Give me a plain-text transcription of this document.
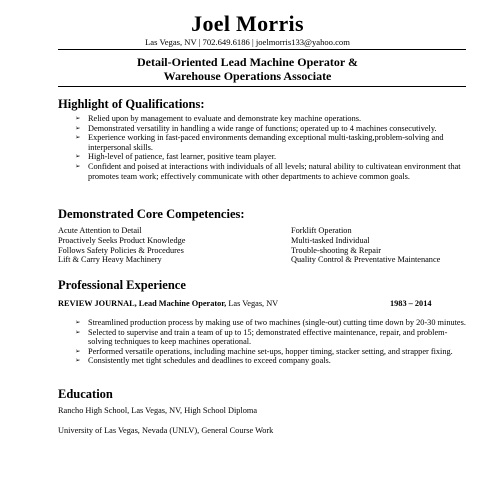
Joel Morris
Las Vegas, NV | 702.649.6186 | joelmorris133@yahoo.com
Detail-Oriented Lead Machine Operator &
Warehouse Operations Associate
Highlight of Qualifications:
➢ Relied upon by management to evaluate and demonstrate key machine operations.
➢ Demonstrated versatility in handling a wide range of functions; operated up to 4 machines consecutively.
➢ Experience working in fast-paced environments demanding exceptional multi-tasking,problem-solving and interpersonal skills.
➢ High-level of patience, fast learner, positive team player.
➢ Confident and poised at interactions with individuals of all levels; natural ability to cultivatean environment that promotes team work; effectively communicate with other departments to achieve common goals.
Demonstrated Core Competencies:
Acute Attention to Detail
Proactively Seeks Product Knowledge
Follows Safety Policies & Procedures
Lift & Carry Heavy Machinery
Forklift Operation
Multi-tasked Individual
Trouble-shooting & Repair
Quality Control & Preventative Maintenance
Professional Experience
REVIEW JOURNAL, Lead Machine Operator, Las Vegas, NV	1983 – 2014
➢ Streamlined production process by making use of two machines (single-out) cutting time down by 20-30 minutes.
➢ Selected to supervise and train a team of up to 15; demonstrated effective maintenance, repair, and problem-solving techniques to keep machines operational.
➢ Performed versatile operations, including machine set-ups, hopper timing, stacker setting, and strapper fixing.
➢ Consistently met tight schedules and deadlines to exceed company goals.
Education
Rancho High School, Las Vegas, NV, High School Diploma
University of Las Vegas, Nevada (UNLV), General Course Work
